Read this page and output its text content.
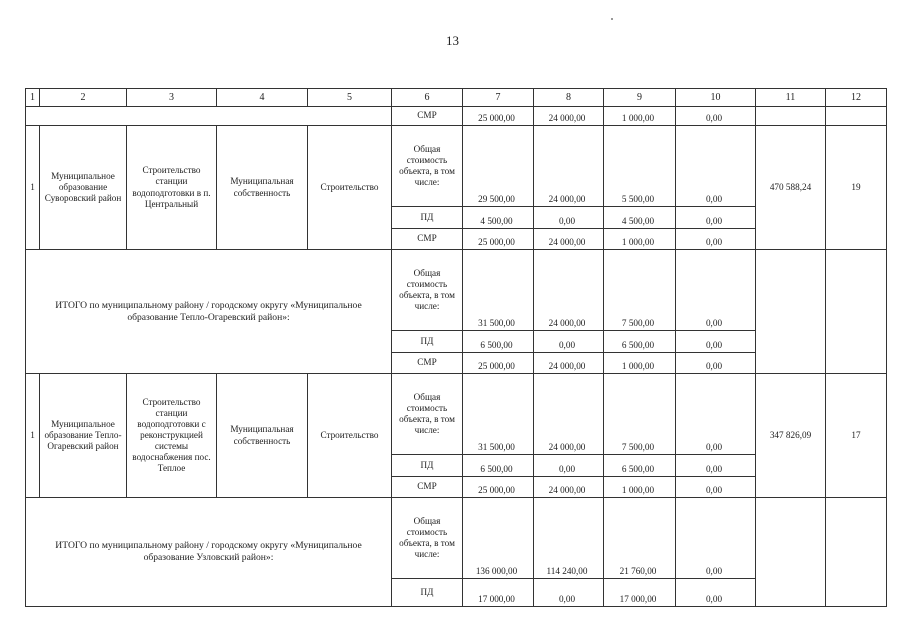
13
1	2	3	4	5	6	7	8	9	10	11	12
					СМР	25 000,00	24 000,00	1 000,00	0,00		
1	Муниципальное образование Суворовский район	Строительство станции водоподготовки в п. Центральный	Муниципальная собственность	Строительство	Общая стоимость объекта, в том числе:	29 500,00	24 000,00	5 500,00	0,00	470 588,24	19
					ПД	4 500,00	0,00	4 500,00	0,00		
					СМР	25 000,00	24 000,00	1 000,00	0,00		
ИТОГО по муниципальному району / городскому округу «Муниципальное образование Тепло-Огаревский район»:					Общая стоимость объекта, в том числе:	31 500,00	24 000,00	7 500,00	0,00		
					ПД	6 500,00	0,00	6 500,00	0,00		
					СМР	25 000,00	24 000,00	1 000,00	0,00		
1	Муниципальное образование Тепло-Огаревский район	Строительство станции водоподготовки с реконструкцией системы водоснабжения пос. Теплое	Муниципальная собственность	Строительство	Общая стоимость объекта, в том числе:	31 500,00	24 000,00	7 500,00	0,00	347 826,09	17
					ПД	6 500,00	0,00	6 500,00	0,00		
					СМР	25 000,00	24 000,00	1 000,00	0,00		
ИТОГО по муниципальному району / городскому округу «Муниципальное образование Узловский район»:					Общая стоимость объекта, в том числе:	136 000,00	114 240,00	21 760,00	0,00		
					ПД	17 000,00	0,00	17 000,00	0,00		
